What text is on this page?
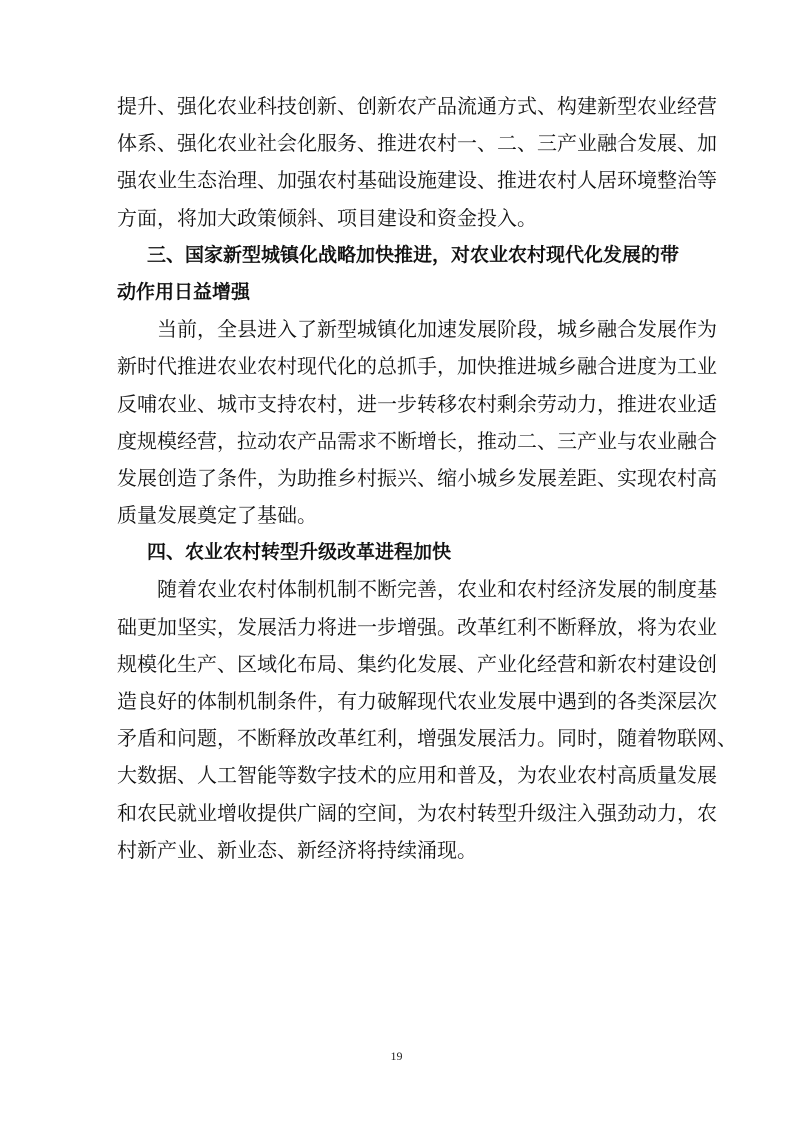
提升、强化农业科技创新、创新农产品流通方式、构建新型农业经营
体系、强化农业社会化服务、推进农村一、二、三产业融合发展、加
强农业生态治理、加强农村基础设施建设、推进农村人居环境整治等
方面，将加大政策倾斜、项目建设和资金投入。
三、国家新型城镇化战略加快推进，对农业农村现代化发展的带
动作用日益增强
当前，全县进入了新型城镇化加速发展阶段，城乡融合发展作为
新时代推进农业农村现代化的总抓手，加快推进城乡融合进度为工业
反哺农业、城市支持农村，进一步转移农村剩余劳动力，推进农业适
度规模经营，拉动农产品需求不断增长，推动二、三产业与农业融合
发展创造了条件，为助推乡村振兴、缩小城乡发展差距、实现农村高
质量发展奠定了基础。
四、农业农村转型升级改革进程加快
随着农业农村体制机制不断完善，农业和农村经济发展的制度基
础更加坚实，发展活力将进一步增强。改革红利不断释放，将为农业
规模化生产、区域化布局、集约化发展、产业化经营和新农村建设创
造良好的体制机制条件，有力破解现代农业发展中遇到的各类深层次
矛盾和问题，不断释放改革红利，增强发展活力。同时，随着物联网、
大数据、人工智能等数字技术的应用和普及，为农业农村高质量发展
和农民就业增收提供广阔的空间，为农村转型升级注入强劲动力，农
村新产业、新业态、新经济将持续涌现。
19
